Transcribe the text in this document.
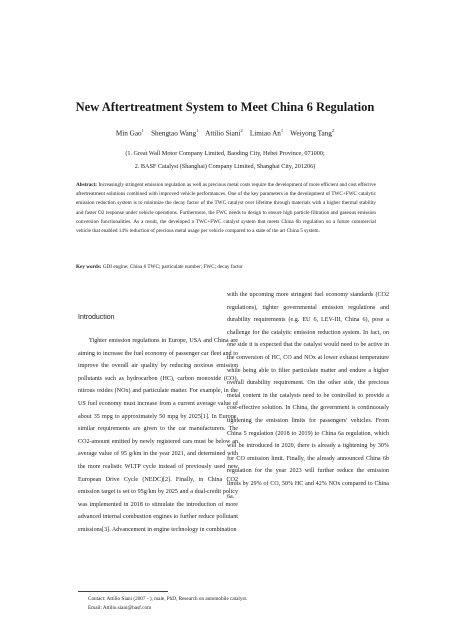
New Aftertreatment System to Meet China 6 Regulation
Min Gao$^1$ Shengtao Wang$^1$ Attilio Siani$^2$ Limiao An$^1$ Weiyong Tang$^2$
(1. Great Wall Motor Company Limited, Baoding City, Hebei Province, 071000;
2. BASF Catalyst (Shanghai) Company Limited, Shanghai City, 201206)
Abstract: Increasingly stringent emission regulation as well as precious metal costs require the development of more efficient and cost effective aftertreatment solutions combined with improved vehicle performances. One of the key parameters in the development of TWC+FWC catalytic emission reduction system is to minimize the decay factor of the TWC catalyst over lifetime through materials with a higher thermal stability and faster O2 response under vehicle operations. Furthermore, the FWC needs to design to ensure high particle filtration and gaseous emission conversion functionalities. As a result, the developed a TWC+FWC catalyst system that meets China 6b regulation on a future commercial vehicle that enabled 14% reduction of precious metal usage per vehicle compared to a state of the art China 5 system.
Key words: GDI engine; China 6 TWC; particulate number; FWC; decay factor
Introduction

Tighter emission regulations in Europe, USA and China are aiming to increase the fuel economy of passenger car fleet and to improve the overall air quality by reducing noxious emission pollutants such as hydrocarbon (HC), carbon monoxide (CO), nitrous oxides (NOx) and particulate matter. For example, in the US fuel economy must increase from a current average value of about 35 mpg to approximately 50 mpg by 2025[1]. In Europe, similar requirements are given to the car manufacturers. The CO2-amount emitted by newly registered cars must be below an average value of 95 g/km in the year 2021, and determined with the more realistic WLTP cycle instead of previously used new European Drive Cycle (NEDC)[2]. Finally, in China CO2 emission target is set to 95g/km by 2025 and a dual-credit policy was implemented in 2018 to stimulate the introduction of more advanced internal combustion engines to further reduce pollutant emissions[3]. Advancement in engine technology in combination

with the upcoming more stringent fuel economy standards (CO2 regulations), tighter governmental emission regulations and durability requirements (e.g. EU 6, LEV-III, China 6), pose a challenge for the catalytic emission reduction system. In fact, on one side it is expected that the catalyst would need to be active in the conversion of HC, CO and NOx at lower exhaust temperature while being able to filter particulate matter and endure a higher overall durability requirement. On the other side, the precious metal content in the catalysts need to be controlled to provide a cost-effective solution. In China, the government is continuously tightening the emission limits for passengers' vehicles. From China 5 regulation (2018 to 2019) to China 6a regulation, which will be introduced in 2020, there is already a tightening by 30% for CO emission limit. Finally, the already announced China 6b regulation for the year 2023 will further reduce the emission limits by 29% of CO, 50% HC and 42% NOx compared to China 6a.

Contact: Attilio Siani (2007 - ), male, PhD, Research on automobile catalyst.
Email: Attilio.siani@basf.com
